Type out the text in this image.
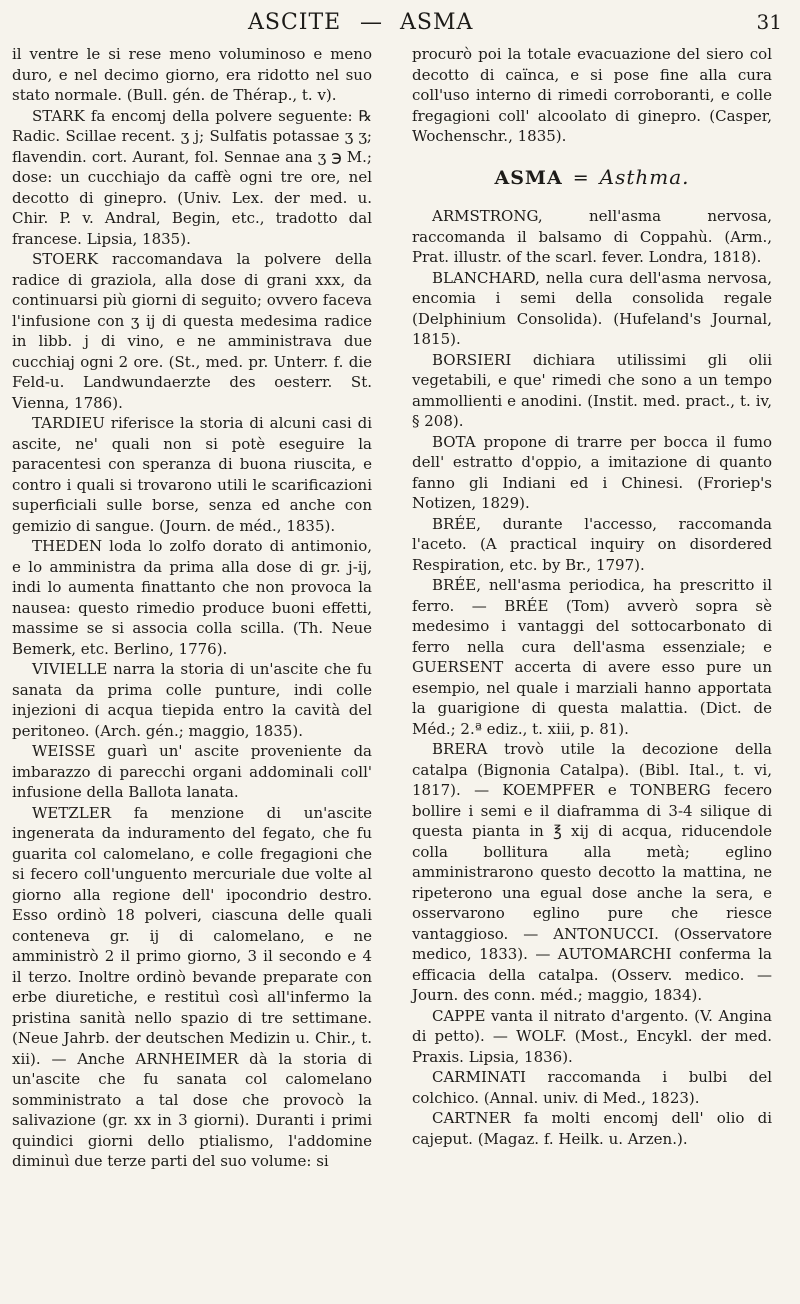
ASCITE — ASMA	31

il ventre le si rese meno voluminoso e meno duro, e nel decimo giorno, era ridotto nel suo stato normale. (Bull. gén. de Thérap., t. v).

STARK fa encomj della polvere seguente: ℞ Radic. Scillae recent. ʒ j; Sulfatis potassae ʒ ʒ; flavendin. cort. Aurant, fol. Sennae ana ʒ ℈ M.; dose: un cucchiajo da caffè ogni tre ore, nel decotto di ginepro. (Univ. Lex. der med. u. Chir. P. v. Andral, Begin, etc., tradotto dal francese. Lipsia, 1835).

STOERK raccomandava la polvere della radice di graziola, alla dose di grani xxx, da continuarsi più giorni di seguito; ovvero faceva l'infusione con ʒ ij di questa medesima radice in libb. j di vino, e ne amministrava due cucchiaj ogni 2 ore. (St., med. pr. Unterr. f. die Feld-u. Landwundaerzte des oesterr. St. Vienna, 1786).

TARDIEU riferisce la storia di alcuni casi di ascite, ne' quali non si potè eseguire la paracentesi con speranza di buona riuscita, e contro i quali si trovarono utili le scarificazioni superficiali sulle borse, senza ed anche con gemizio di sangue. (Journ. de méd., 1835).

THEDEN loda lo zolfo dorato di antimonio, e lo amministra da prima alla dose di gr. j-ij, indi lo aumenta finattanto che non provoca la nausea: questo rimedio produce buoni effetti, massime se si associa colla scilla. (Th. Neue Bemerk, etc. Berlino, 1776).

VIVIELLE narra la storia di un'ascite che fu sanata da prima colle punture, indi colle injezioni di acqua tiepida entro la cavità del peritoneo. (Arch. gén.; maggio, 1835).

WEISSE guarì un' ascite proveniente da imbarazzo di parecchi organi addominali coll' infusione della Ballota lanata.

WETZLER fa menzione di un'ascite ingenerata da induramento del fegato, che fu guarita col calomelano, e colle fregagioni che si fecero coll'unguento mercuriale due volte al giorno alla regione dell' ipocondrio destro. Esso ordinò 18 polveri, ciascuna delle quali conteneva gr. ij di calomelano, e ne amministrò 2 il primo giorno, 3 il secondo e 4 il terzo. Inoltre ordinò bevande preparate con erbe diuretiche, e restituì così all'infermo la pristina sanità nello spazio di tre settimane. (Neue Jahrb. der deutschen Medizin u. Chir., t. xii). — Anche ARNHEIMER dà la storia di un'ascite che fu sanata col calomelano somministrato a tal dose che provocò la salivazione (gr. xx in 3 giorni). Duranti i primi quindici giorni dello ptialismo, l'addomine diminuì due terze parti del suo volume: si

procurò poi la totale evacuazione del siero col decotto di caïnca, e si pose fine alla cura coll'uso interno di rimedi corroboranti, e colle fregagioni coll' alcoolato di ginepro. (Casper, Wochenschr., 1835).

ASMA = Asthma.

ARMSTRONG, nell'asma nervosa, raccomanda il balsamo di Coppahù. (Arm., Prat. illustr. of the scarl. fever. Londra, 1818).

BLANCHARD, nella cura dell'asma nervosa, encomia i semi della consolida regale (Delphinium Consolida). (Hufeland's Journal, 1815).

BORSIERI dichiara utilissimi gli olii vegetabili, e que' rimedi che sono a un tempo ammollienti e anodini. (Instit. med. pract., t. iv, § 208).

BOTA propone di trarre per bocca il fumo dell' estratto d'oppio, a imitazione di quanto fanno gli Indiani ed i Chinesi. (Froriep's Notizen, 1829).

BRÉE, durante l'accesso, raccomanda l'aceto. (A practical inquiry on disordered Respiration, etc. by Br., 1797).

BRÉE, nell'asma periodica, ha prescritto il ferro. — BRÉE (Tom) avverò sopra sè medesimo i vantaggi del sottocarbonato di ferro nella cura dell'asma essenziale; e GUERSENT accerta di avere esso pure un esempio, nel quale i marziali hanno apportata la guarigione di questa malattia. (Dict. de Méd.; 2.ª ediz., t. xiii, p. 81).

BRERA trovò utile la decozione della catalpa (Bignonia Catalpa). (Bibl. Ital., t. vi, 1817). — KOEMPFER e TONBERG fecero bollire i semi e il diaframma di 3-4 silique di questa pianta in ℥ xij di acqua, riducendole colla bollitura alla metà; eglino amministrarono questo decotto la mattina, ne ripeterono una egual dose anche la sera, e osservarono eglino pure che riesce vantaggioso. — ANTONUCCI. (Osservatore medico, 1833). — AUTOMARCHI conferma la efficacia della catalpa. (Osserv. medico. — Journ. des conn. méd.; maggio, 1834).

CAPPE vanta il nitrato d'argento. (V. Angina di petto). — WOLF. (Most., Encykl. der med. Praxis. Lipsia, 1836).

CARMINATI raccomanda i bulbi del colchico. (Annal. univ. di Med., 1823).

CARTNER fa molti encomj dell' olio di cajeput. (Magaz. f. Heilk. u. Arzen.).
